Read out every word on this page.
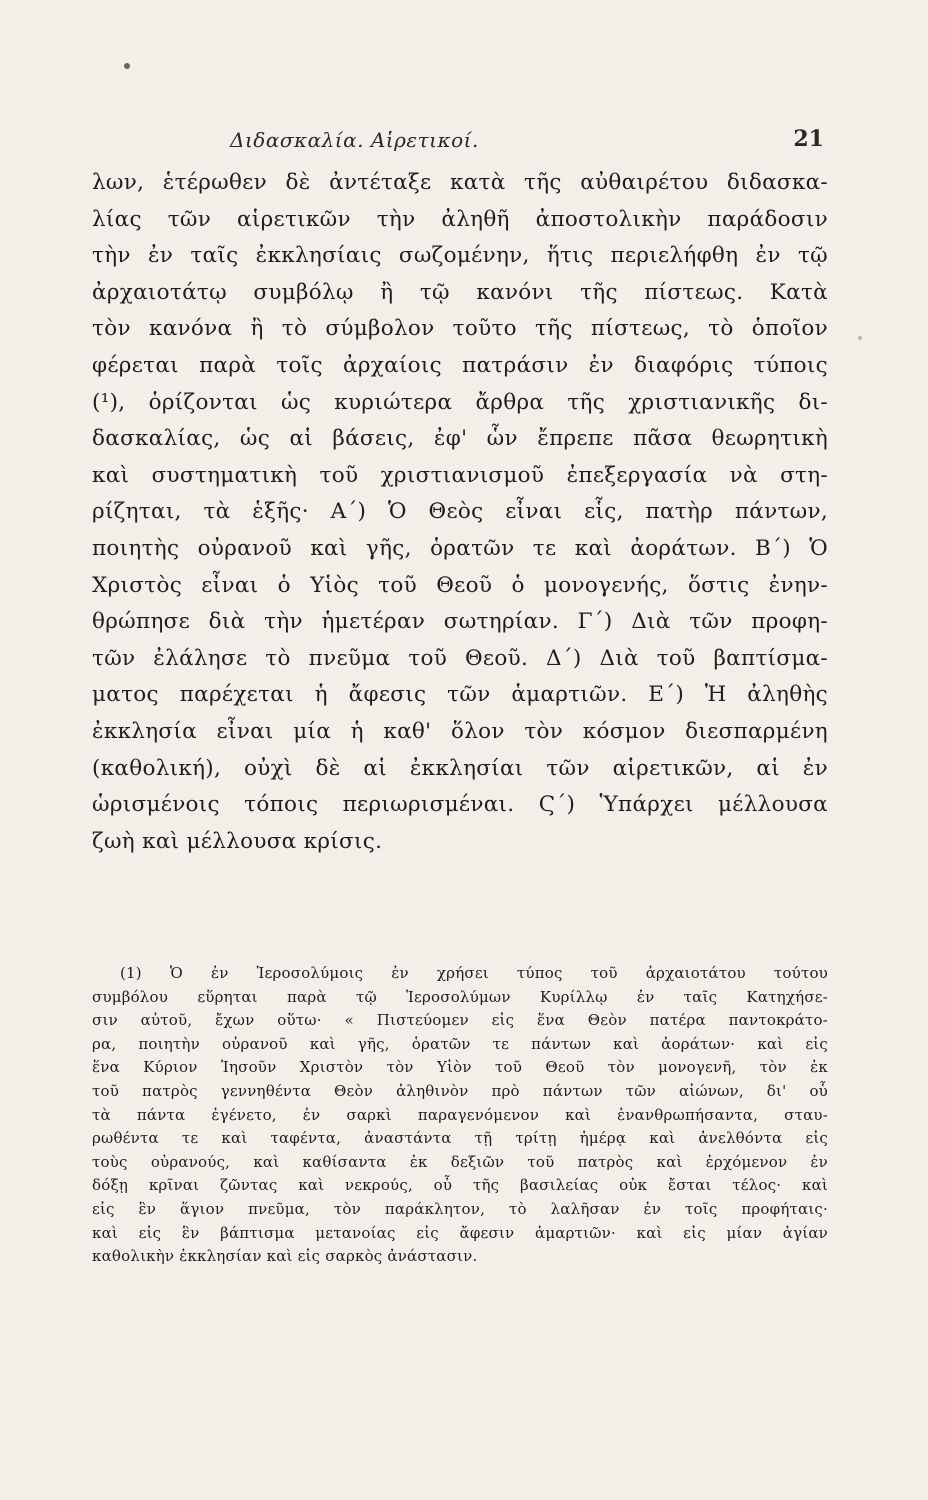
Διδασκαλία. Αἱρετικοί.	21
λων, ἑτέρωθεν δὲ ἀντέταξε κατὰ τῆς αὐθαιρέτου διδασκα-
λίας τῶν αἱρετικῶν τὴν ἀληθῆ ἀποστολικὴν παράδοσιν
τὴν ἐν ταῖς ἐκκλησίαις σωζομένην, ἥτις περιελήφθη ἐν τῷ
ἀρχαιοτάτῳ συμβόλῳ ἢ τῷ κανόνι τῆς πίστεως. Κατὰ
τὸν κανόνα ἢ τὸ σύμβολον τοῦτο τῆς πίστεως, τὸ ὁποῖον
φέρεται παρὰ τοῖς ἀρχαίοις πατράσιν ἐν διαφόρις τύποις
(¹), ὁρίζονται ὡς κυριώτερα ἄρθρα τῆς χριστιανικῆς δι-
δασκαλίας, ὡς αἱ βάσεις, ἐφ' ὧν ἔπρεπε πᾶσα θεωρητικὴ
καὶ συστηματικὴ τοῦ χριστιανισμοῦ ἐπεξεργασία νὰ στη-
ρίζηται, τὰ ἑξῆς· Α΄) Ὁ Θεὸς εἶναι εἷς, πατὴρ πάντων,
ποιητὴς οὐρανοῦ καὶ γῆς, ὁρατῶν τε καὶ ἀοράτων. Β΄) Ὁ
Χριστὸς εἶναι ὁ Υἱὸς τοῦ Θεοῦ ὁ μονογενής, ὅστις ἐνην-
θρώπησε διὰ τὴν ἡμετέραν σωτηρίαν. Γ΄) Διὰ τῶν προφη-
τῶν ἐλάλησε τὸ πνεῦμα τοῦ Θεοῦ. Δ΄) Διὰ τοῦ βαπτίσμα-
ματος παρέχεται ἡ ἄφεσις τῶν ἁμαρτιῶν. Ε΄) Ἡ ἀληθὴς
ἐκκλησία εἶναι μία ἡ καθ' ὅλον τὸν κόσμον διεσπαρμένη
(καθολική), οὐχὶ δὲ αἱ ἐκκλησίαι τῶν αἱρετικῶν, αἱ ἐν
ὡρισμένοις τόποις περιωρισμέναι. Ϛ΄) Ὑπάρχει μέλλουσα
ζωὴ καὶ μέλλουσα κρίσις.
(1) Ὁ ἐν Ἱεροσολύμοις ἐν χρήσει τύπος τοῦ ἀρχαιοτάτου τούτου
συμβόλου εὕρηται παρὰ τῷ Ἱεροσολύμων Κυρίλλῳ ἐν ταῖς Κατηχήσε-
σιν αὐτοῦ, ἔχων οὕτω· « Πιστεύομεν εἰς ἕνα Θεὸν πατέρα παντοκράτο-
ρα, ποιητὴν οὐρανοῦ καὶ γῆς, ὁρατῶν τε πάντων καὶ ἀοράτων· καὶ εἰς
ἕνα Κύριον Ἰησοῦν Χριστὸν τὸν Υἱὸν τοῦ Θεοῦ τὸν μονογενῆ, τὸν ἐκ
τοῦ πατρὸς γεννηθέντα Θεὸν ἀληθινὸν πρὸ πάντων τῶν αἰώνων, δι' οὗ
τὰ πάντα ἐγένετο, ἐν σαρκὶ παραγενόμενον καὶ ἐνανθρωπήσαντα, σταυ-
ρωθέντα τε καὶ ταφέντα, ἀναστάντα τῇ τρίτῃ ἡμέρᾳ καὶ ἀνελθόντα εἰς
τοὺς οὐρανούς, καὶ καθίσαντα ἐκ δεξιῶν τοῦ πατρὸς καὶ ἐρχόμενον ἐν
δόξῃ κρῖναι ζῶντας καὶ νεκρούς, οὗ τῆς βασιλείας οὐκ ἔσται τέλος· καὶ
εἰς ἓν ἅγιον πνεῦμα, τὸν παράκλητον, τὸ λαλῆσαν ἐν τοῖς προφήταις·
καὶ εἰς ἓν βάπτισμα μετανοίας εἰς ἄφεσιν ἁμαρτιῶν· καὶ εἰς μίαν ἁγίαν
καθολικὴν ἐκκλησίαν καὶ εἰς σαρκὸς ἀνάστασιν.
